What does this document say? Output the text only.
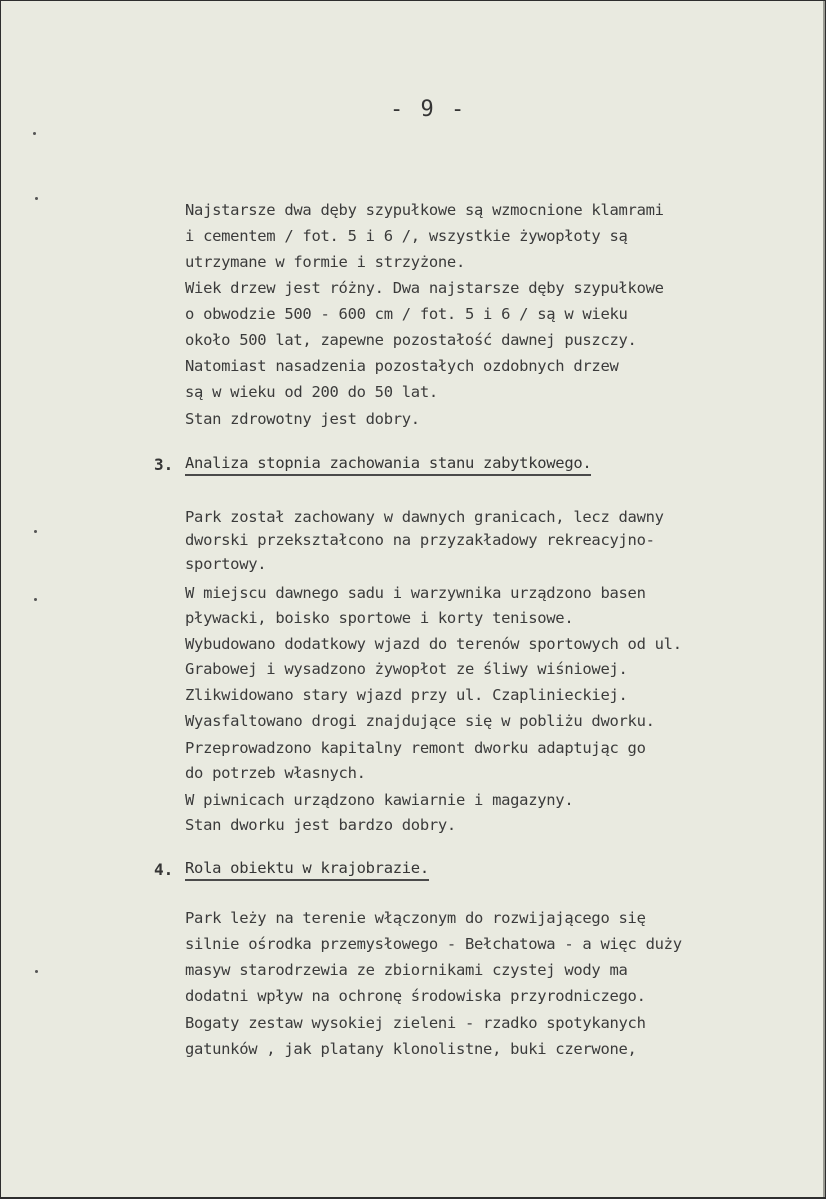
- 9 -
Najstarsze dwa dęby szypułkowe są wzmocnione klamrami
i cementem / fot. 5 i 6 /, wszystkie żywopłoty są
utrzymane w formie i strzyżone.
Wiek drzew jest różny. Dwa najstarsze dęby szypułkowe
o obwodzie 500 - 600 cm / fot. 5 i 6 / są w wieku
około 500 lat, zapewne pozostałość dawnej puszczy.
Natomiast nasadzenia pozostałych ozdobnych drzew
są w wieku od 200 do 50 lat.
Stan zdrowotny jest dobry.
3. Analiza stopnia zachowania stanu zabytkowego.
Park został zachowany w dawnych granicach, lecz dawny
dworski przekształcono na przyzakładowy rekreacyjno-
sportowy.
W miejscu dawnego sadu i warzywnika urządzono basen
pływacki, boisko sportowe i korty tenisowe.
Wybudowano dodatkowy wjazd do terenów sportowych od ul.
Grabowej i wysadzono żywopłot ze śliwy wiśniowej.
Zlikwidowano stary wjazd przy ul. Czaplinieckiej.
Wyasfaltowano drogi znajdujące się w pobliżu dworku.
Przeprowadzono kapitalny remont dworku adaptując go
do potrzeb własnych.
W piwnicach urządzono kawiarnie i magazyny.
Stan dworku jest bardzo dobry.
4. Rola obiektu w krajobrazie.
Park leży na terenie włączonym do rozwijającego się
silnie ośrodka przemysłowego - Bełchatowa - a więc duży
masyw starodrzewia ze zbiornikami czystej wody ma
dodatni wpływ na ochronę środowiska przyrodniczego.
Bogaty zestaw wysokiej zieleni - rzadko spotykanych
gatunków , jak platany klonolistne, buki czerwone,
